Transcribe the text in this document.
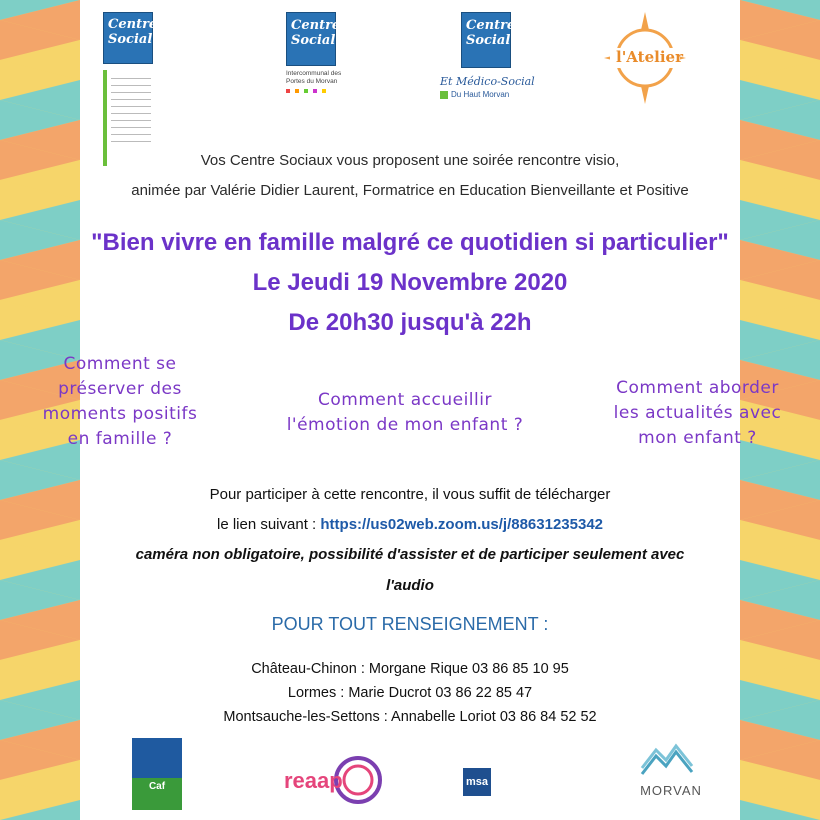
Centre
Social
Centre
Social
Intercommunal des Portes du Morvan
Centre
Social
Et Médico-Social
Du Haut Morvan
l'Atelier
Vos Centre Sociaux vous proposent une soirée rencontre visio,
animée par Valérie Didier Laurent, Formatrice en Education Bienveillante et Positive
"Bien vivre en famille malgré ce quotidien si particulier"
Le Jeudi 19 Novembre 2020
De 20h30 jusqu'à 22h
Comment se
préserver des
moments positifs
en famille ?
Comment accueillir
l'émotion de mon enfant ?
Comment aborder
les actualités avec
mon enfant ?
Pour participer à cette rencontre, il vous suffit de télécharger
le lien suivant : https://us02web.zoom.us/j/88631235342
caméra non obligatoire, possibilité d'assister et de participer seulement avec
l'audio
POUR TOUT RENSEIGNEMENT :
Château-Chinon : Morgane Rique 03 86 85 10 95
Lormes : Marie Ducrot 03 86 22 85 47
Montsauche-les-Settons : Annabelle Loriot 03 86 84 52 52
Caf	reaap	msa
MORVAN
